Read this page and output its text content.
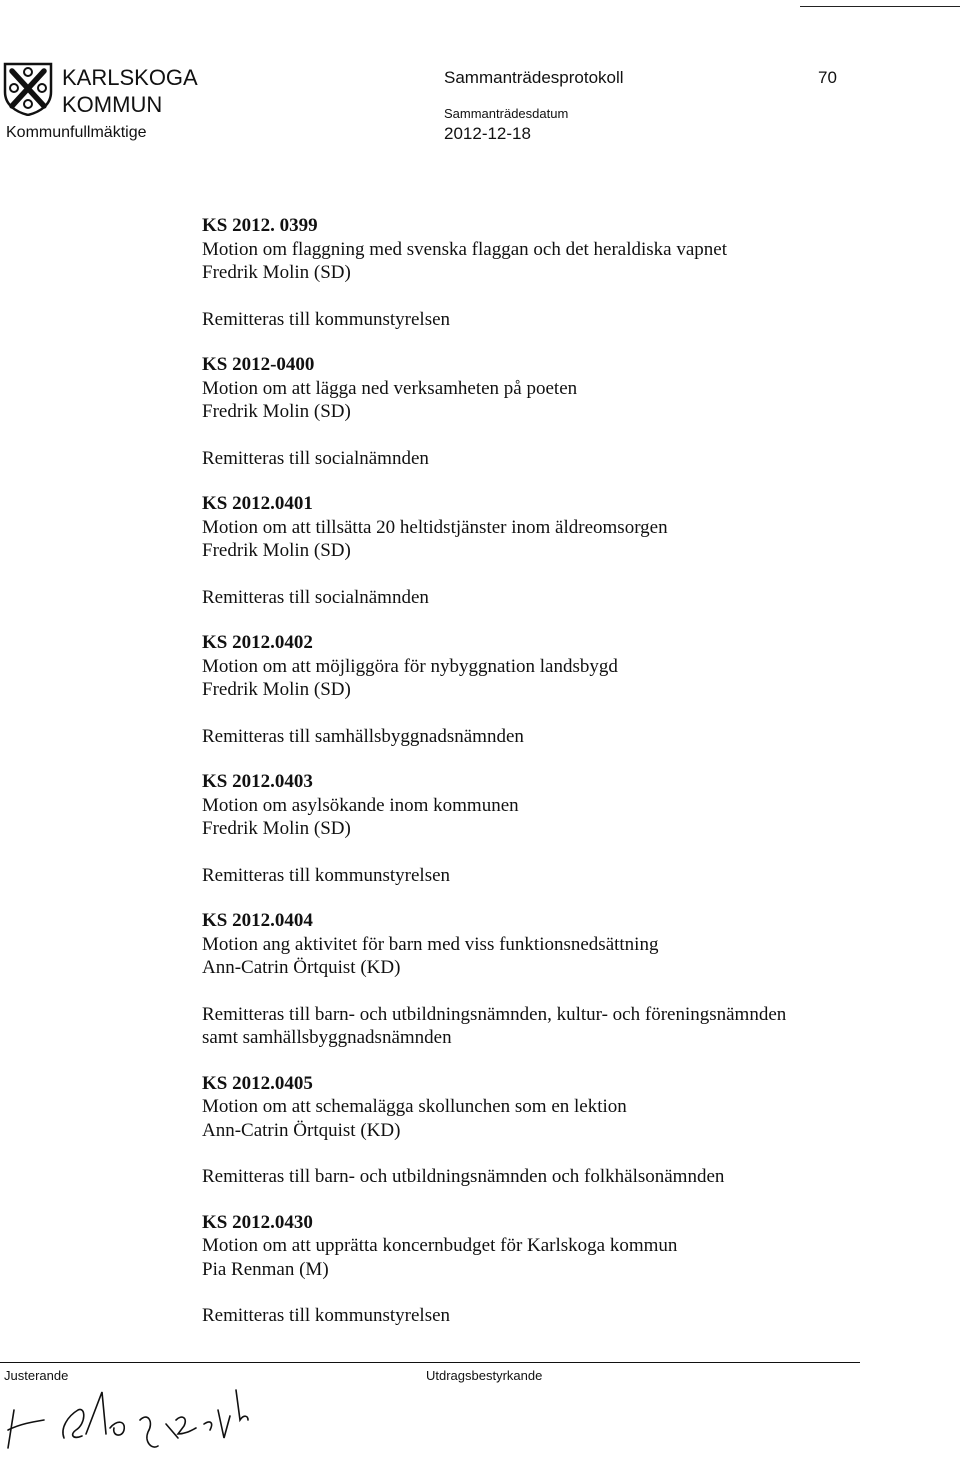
KARLSKOGA
KOMMUN
Kommunfullmäktige
Sammanträdesprotokoll	70
Sammanträdesdatum
2012-12-18
KS 2012. 0399
Motion om flaggning med svenska flaggan och det heraldiska vapnet
Fredrik Molin (SD)
Remitteras till kommunstyrelsen
KS 2012-0400
Motion om att lägga ned verksamheten på poeten
Fredrik Molin (SD)
Remitteras till socialnämnden
KS 2012.0401
Motion om att tillsätta 20 heltidstjänster inom äldreomsorgen
Fredrik Molin (SD)
Remitteras till socialnämnden
KS 2012.0402
Motion om att möjliggöra för nybyggnation landsbygd
Fredrik Molin (SD)
Remitteras till samhällsbyggnadsnämnden
KS 2012.0403
Motion om asylsökande inom kommunen
Fredrik Molin (SD)
Remitteras till kommunstyrelsen
KS 2012.0404
Motion ang aktivitet för barn med viss funktionsnedsättning
Ann-Catrin Örtquist (KD)
Remitteras till barn- och utbildningsnämnden, kultur- och föreningsnämnden
samt samhällsbyggnadsnämnden
KS 2012.0405
Motion om att schemalägga skollunchen som en lektion
Ann-Catrin Örtquist (KD)
Remitteras till barn- och utbildningsnämnden och folkhälsonämnden
KS 2012.0430
Motion om att upprätta koncernbudget för Karlskoga kommun
Pia Renman (M)
Remitteras till kommunstyrelsen
Justerande	Utdragsbestyrkande
